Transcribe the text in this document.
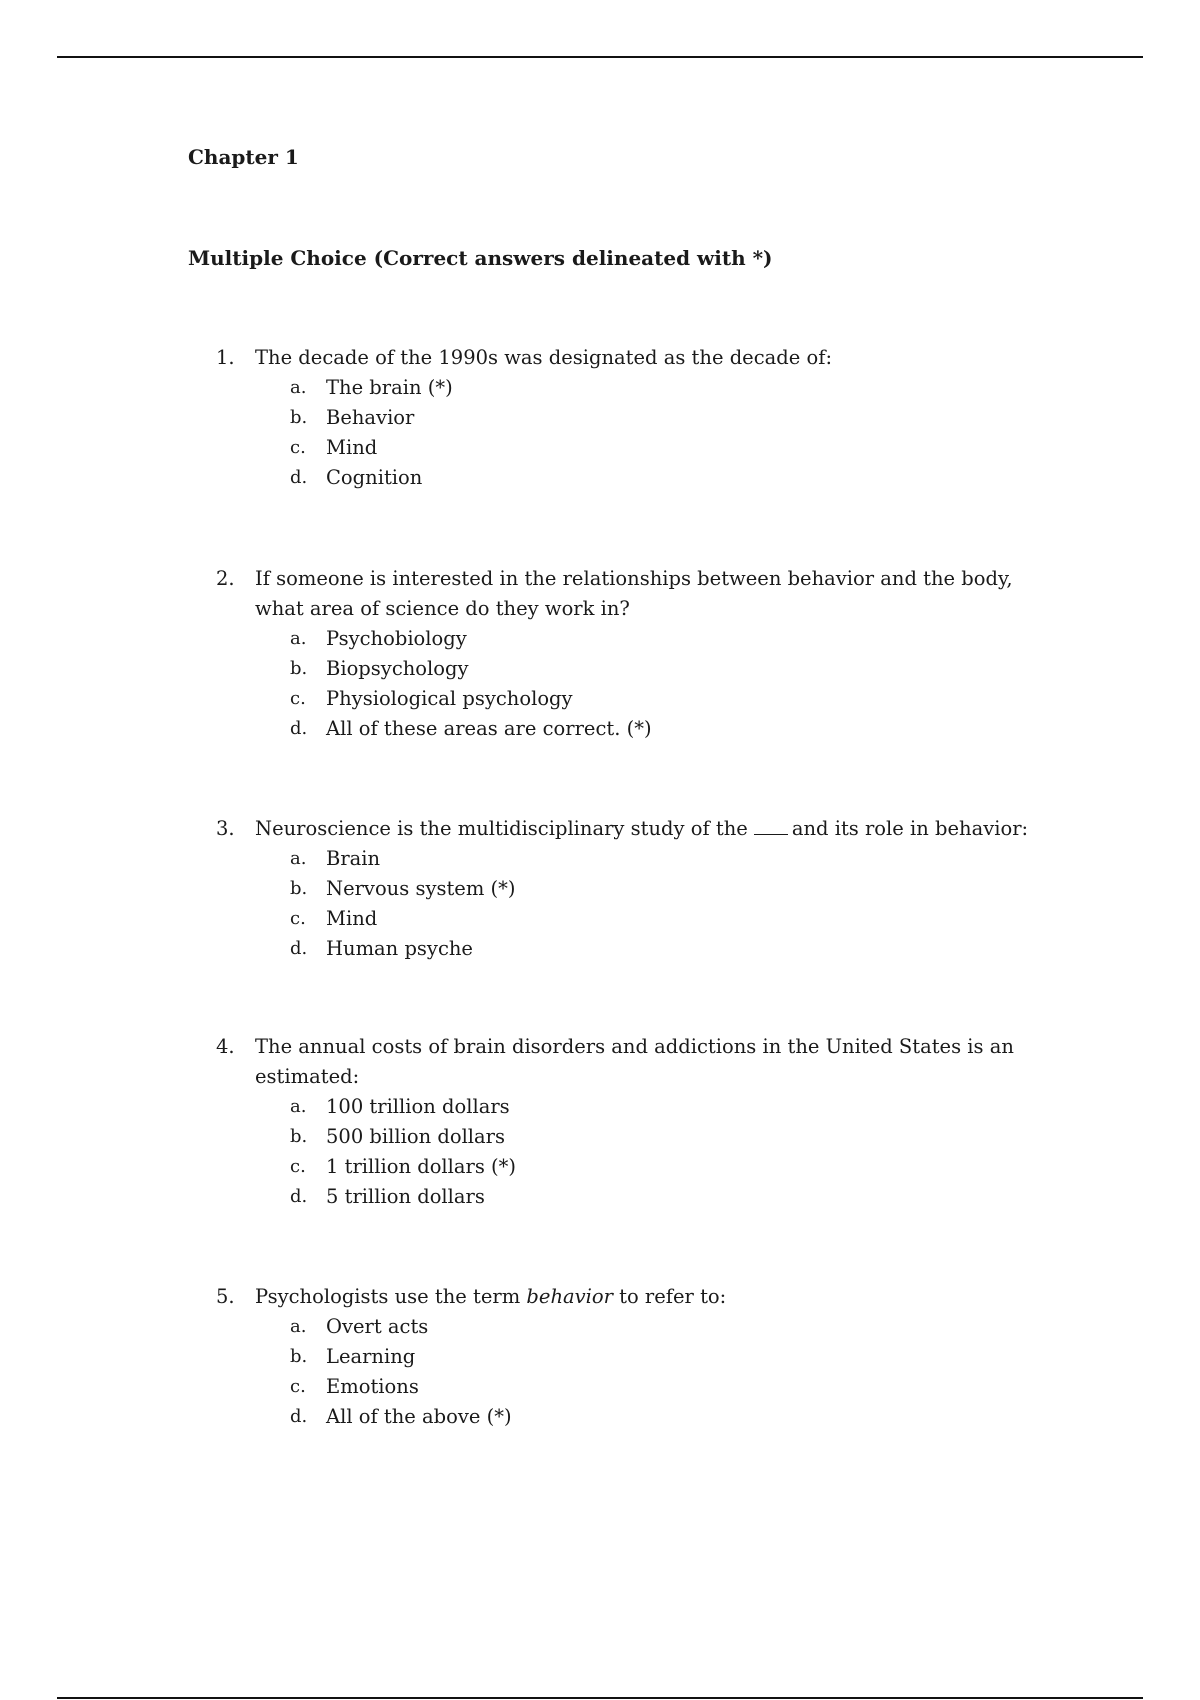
Chapter 1
Multiple Choice (Correct answers delineated with *)
1.	The decade of the 1990s was designated as the decade of:
a.	The brain (*)
b. Behavior
c.	Mind
d. Cognition
2.	If someone is interested in the relationships between behavior and the body, what area of science do they work in?
a.	Psychobiology
b. Biopsychology
c.	Physiological psychology
d. All of these areas are correct. (*)
3.	Neuroscience is the multidisciplinary study of the and its role in behavior:
a.	Brain
b. Nervous system (*)
c.	Mind
d. Human psyche
4.	The annual costs of brain disorders and addictions in the United States is an estimated:
a.	100 trillion dollars
b. 500 billion dollars
c.	1 trillion dollars (*)
d. 5 trillion dollars
5.	Psychologists use the term behavior to refer to:
a.	Overt acts
b. Learning
c.	Emotions
d. All of the above (*)
